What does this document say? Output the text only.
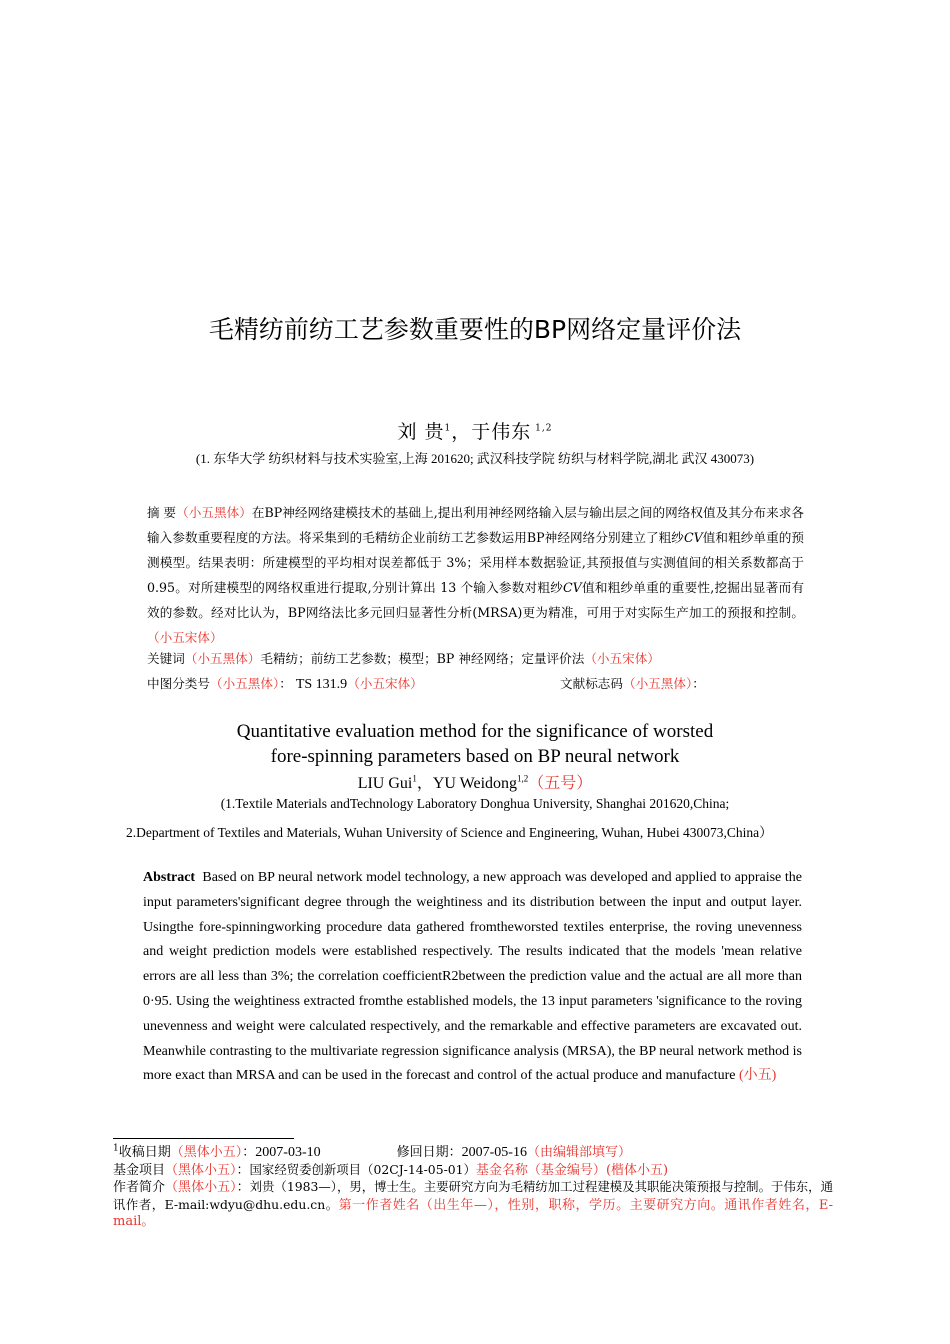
毛精纺前纺工艺参数重要性的BP网络定量评价法
刘 贵$^1$，于伟东 $^{1,2}$
(1. 东华大学 纺织材料与技术实验室,上海 201620; 武汉科技学院 纺织与材料学院,湖北 武汉 430073)
摘 要（小五黑体）在BP神经网络建模技术的基础上,提出利用神经网络输入层与输出层之间的网络权值及其分布来求各输入参数重要程度的方法。将采集到的毛精纺企业前纺工艺参数运用BP神经网络分别建立了粗纱CV值和粗纱单重的预测模型。结果表明：所建模型的平均相对误差都低于 3%；采用样本数据验证,其预报值与实测值间的相关系数都高于 0.95。对所建模型的网络权重进行提取,分别计算出 13 个输入参数对粗纱CV值和粗纱单重的重要性,挖掘出显著而有效的参数。经对比认为，BP网络法比多元回归显著性分析(MRSA)更为精准，可用于对实际生产加工的预报和控制。（小五宋体）
关键词（小五黑体）毛精纺；前纺工艺参数；模型；BP 神经网络；定量评价法（小五宋体）
中图分类号（小五黑体）： TS 131.9（小五宋体）	文献标志码（小五黑体）：
Quantitative evaluation method for the significance of worsted
fore-spinning parameters based on BP neural network
LIU Gui$^1$，YU Weidong$^{1,2}$（五号）
(1.Textile Materials andTechnology Laboratory Donghua University, Shanghai 201620,China;
2.Department of Textiles and Materials, Wuhan University of Science and Engineering, Wuhan, Hubei 430073,China）
Abstract Based on BP neural network model technology, a new approach was developed and applied to appraise the input parameters'significant degree through the weightiness and its distribution between the input and output layer. Usingthe fore-spinningworking procedure data gathered fromtheworsted textiles enterprise, the roving unevenness and weight prediction models were established respectively. The results indicated that the models 'mean relative errors are all less than 3%; the correlation coefficientR2between the prediction value and the actual are all more than 0·95. Using the weightiness extracted fromthe established models, the 13 input parameters 'significance to the roving unevenness and weight were calculated respectively, and the remarkable and effective parameters are excavated out. Meanwhile contrasting to the multivariate regression significance analysis (MRSA), the BP neural network method is more exact than MRSA and can be used in the forecast and control of the actual produce and manufacture (小五)
$^1$收稿日期（黑体小五）：2007-03-10	修回日期：2007-05-16（由编辑部填写）
基金项目（黑体小五）：国家经贸委创新项目（02CJ-14-05-01）基金名称（基金编号）(楷体小五)
作者简介（黑体小五）：刘贵（1983—），男，博士生。主要研究方向为毛精纺加工过程建模及其职能决策预报与控制。于伟东，通讯作者，E-mail:wdyu@dhu.edu.cn。第一作者姓名（出生年—），性别，职称，学历。主要研究方向。通讯作者姓名，E-mail。
